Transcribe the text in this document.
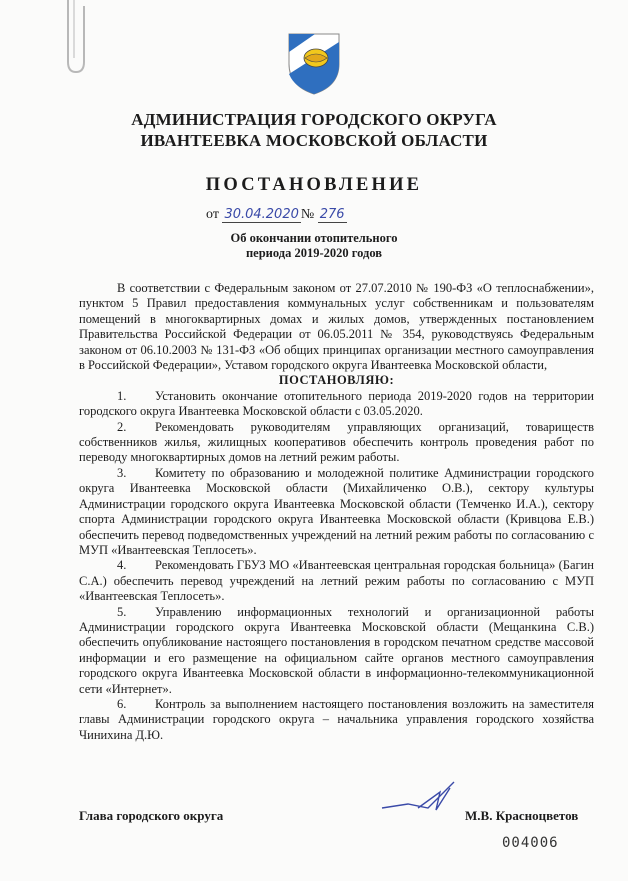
АДМИНИСТРАЦИЯ ГОРОДСКОГО ОКРУГА
ИВАНТЕЕВКА МОСКОВСКОЙ ОБЛАСТИ
ПОСТАНОВЛЕНИЕ
от 30.04.2020 № 276
Об окончании отопительного
периода 2019-2020 годов

В соответствии с Федеральным законом от 27.07.2010 № 190-ФЗ «О теплоснабжении», пунктом 5 Правил предоставления коммунальных услуг собственникам и пользователям помещений в многоквартирных домах и жилых домов, утвержденных постановлением Правительства Российской Федерации от 06.05.2011 № 354, руководствуясь Федеральным законом от 06.10.2003 № 131-ФЗ «Об общих принципах организации местного самоуправления в Российской Федерации», Уставом городского округа Ивантеевка Московской области,

ПОСТАНОВЛЯЮ:

1. Установить окончание отопительного периода 2019-2020 годов на территории городского округа Ивантеевка Московской области с 03.05.2020.

2. Рекомендовать руководителям управляющих организаций, товариществ собственников жилья, жилищных кооперативов обеспечить контроль проведения работ по переводу многоквартирных домов на летний режим работы.

3. Комитету по образованию и молодежной политике Администрации городского округа Ивантеевка Московской области (Михайличенко О.В.), сектору культуры Администрации городского округа Ивантеевка Московской области (Темченко И.А.), сектору спорта Администрации городского округа Ивантеевка Московской области (Кривцова Е.В.) обеспечить перевод подведомственных учреждений на летний режим работы по согласованию с МУП «Ивантеевская Теплосеть».

4. Рекомендовать ГБУЗ МО «Ивантеевская центральная городская больница» (Багин С.А.) обеспечить перевод учреждений на летний режим работы по согласованию с МУП «Ивантеевская Теплосеть».

5. Управлению информационных технологий и организационной работы Администрации городского округа Ивантеевка Московской области (Мещанкина С.В.) обеспечить опубликование настоящего постановления в городском печатном средстве массовой информации и его размещение на официальном сайте органов местного самоуправления городского округа Ивантеевка Московской области в информационно-телекоммуникационной сети «Интернет».

6. Контроль за выполнением настоящего постановления возложить на заместителя главы Администрации городского округа – начальника управления городского хозяйства Чинихина Д.Ю.

Глава городского округа	М.В. Красноцветов
004006
